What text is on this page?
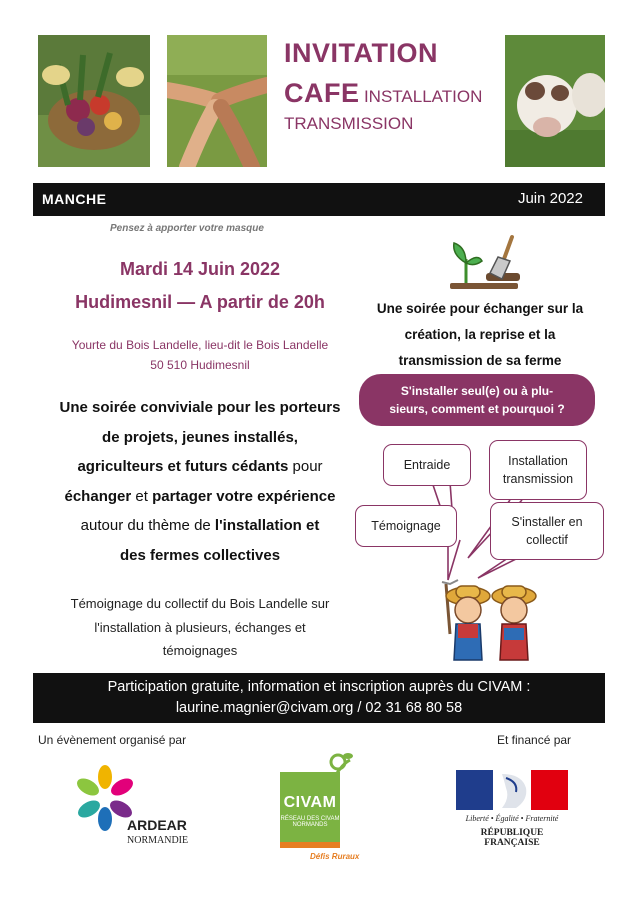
INVITATION
CAFE INSTALLATION
TRANSMISSION
MANCHE	Juin 2022
Pensez à apporter votre masque
Mardi 14 Juin 2022
Hudimesnil — A partir de 20h
Yourte du Bois Landelle, lieu-dit le Bois Landelle
50 510 Hudimesnil
Une soirée conviviale pour les porteurs
de projets, jeunes installés,
agriculteurs et futurs cédants pour
échanger et partager votre expérience
autour du thème de l'installation et
des fermes collectives
Témoignage du collectif du Bois Landelle sur
l'installation à plusieurs, échanges et
témoignages
Une soirée pour échanger sur la
création, la reprise et la
transmission de sa ferme
S'installer seul(e) ou à plu-
sieurs, comment et pourquoi ?
Entraide	Installation
transmission
Témoignage	S'installer en
collectif
Participation gratuite, information et inscription auprès du CIVAM :
laurine.magnier@civam.org / 02 31 68 80 58
Un évènement organisé par	Et financé par
ARDEAR
NORMANDIE
CIVAM
RÉSEAU DES CIVAM
NORMANDS
Défis Ruraux
Liberté • Égalité • Fraternité
RÉPUBLIQUE FRANÇAISE
